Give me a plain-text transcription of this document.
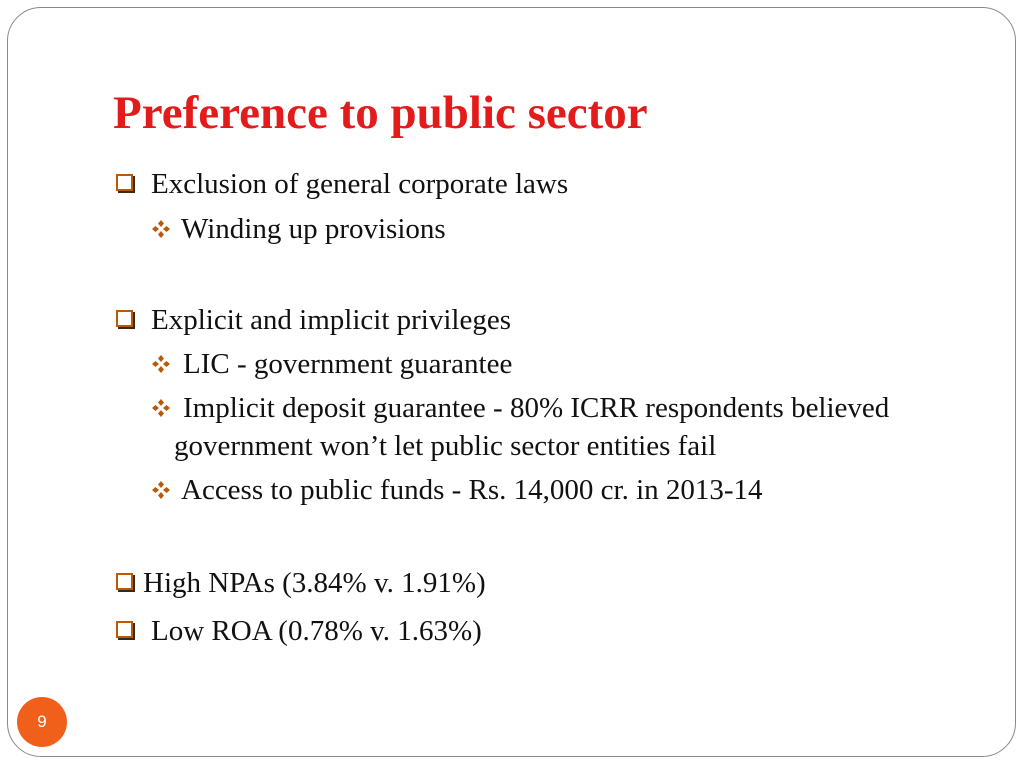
Preference to public sector
Exclusion of general corporate laws
Winding up provisions
Explicit and implicit privileges
LIC - government guarantee
Implicit deposit guarantee - 80% ICRR respondents believed
government won’t let public sector entities fail
Access to public funds - Rs. 14,000 cr. in 2013-14
High NPAs (3.84% v. 1.91%)
Low ROA (0.78% v. 1.63%)
9
